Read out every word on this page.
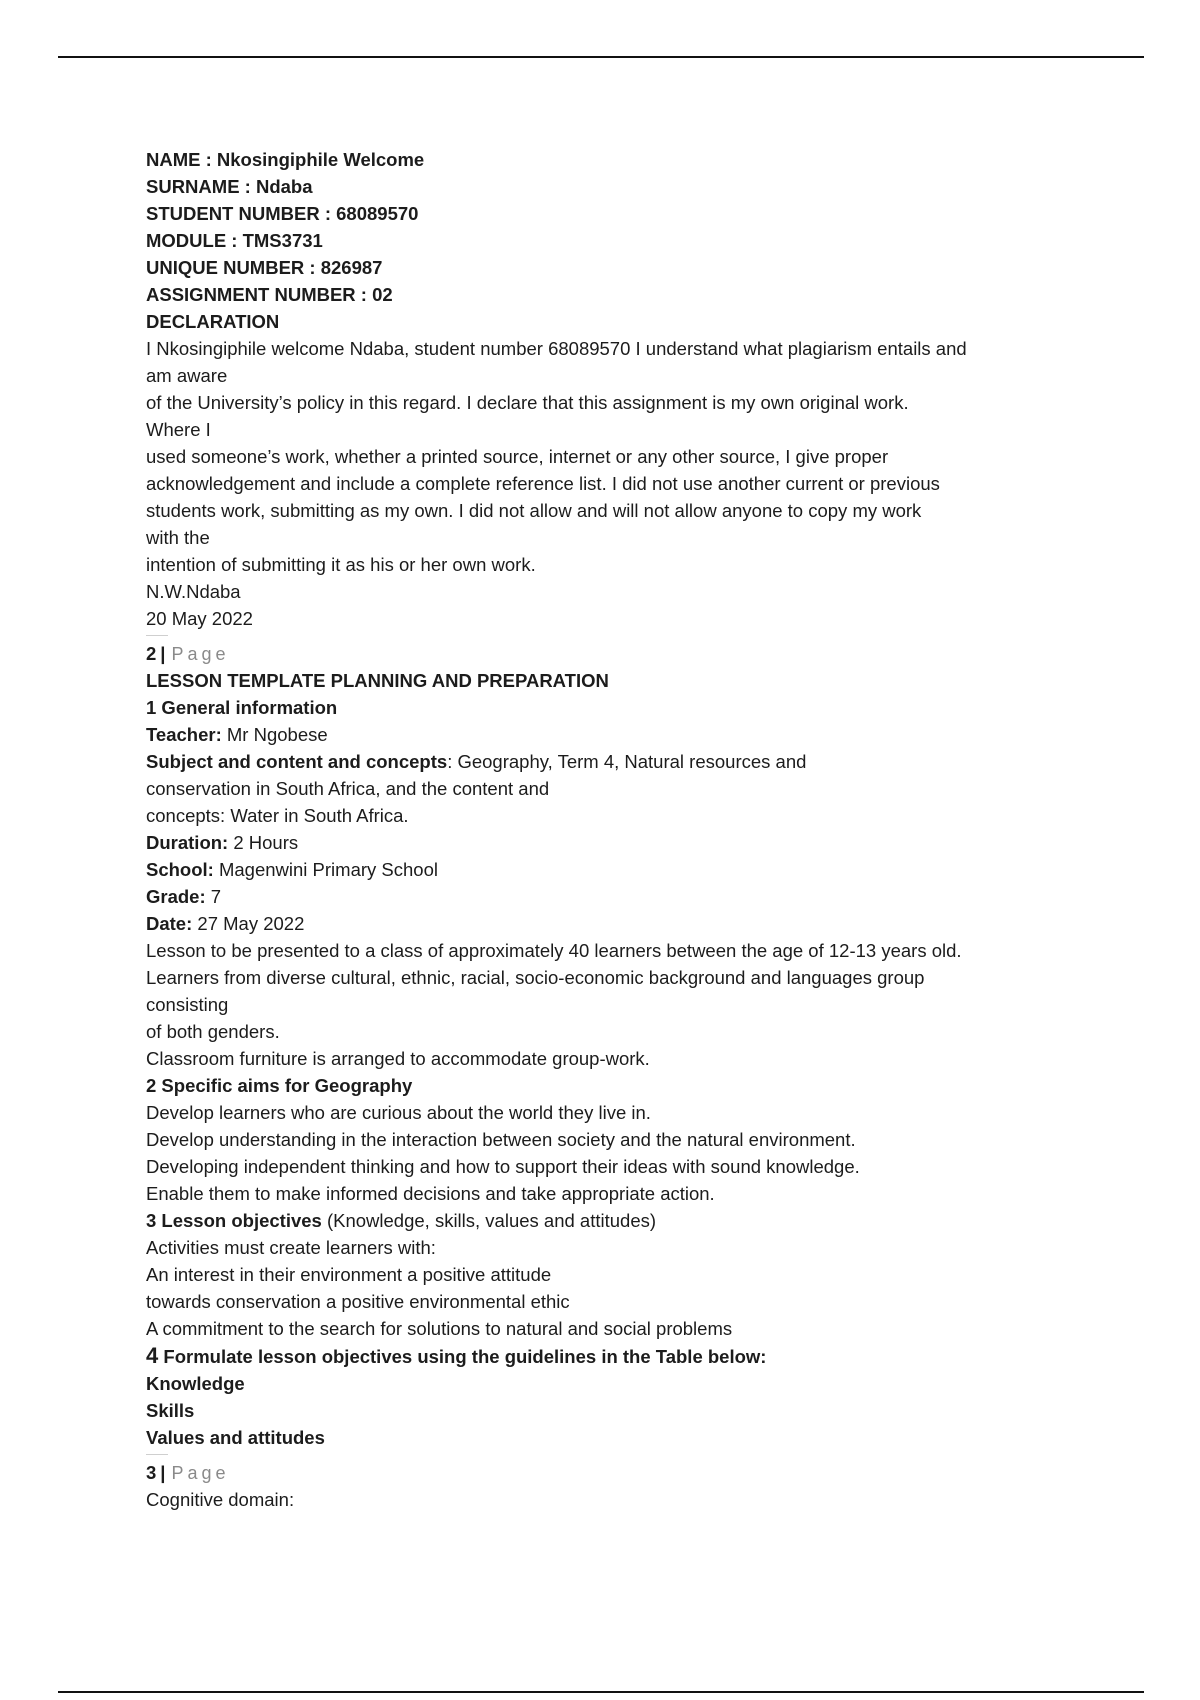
NAME : Nkosingiphile Welcome

SURNAME : Ndaba

STUDENT NUMBER : 68089570

MODULE : TMS3731

UNIQUE NUMBER : 826987

ASSIGNMENT NUMBER : 02

DECLARATION

I Nkosingiphile welcome Ndaba, student number 68089570 I understand what plagiarism entails and

am aware

of the University’s policy in this regard. I declare that this assignment is my own original work.

Where I

used someone’s work, whether a printed source, internet or any other source, I give proper

acknowledgement and include a complete reference list. I did not use another current or previous

students work, submitting as my own. I did not allow and will not allow anyone to copy my work

with the

intention of submitting it as his or her own work.

N.W.Ndaba

20 May 2022

2 | Page

LESSON TEMPLATE PLANNING AND PREPARATION

1 General information

Teacher: Mr Ngobese

Subject and content and concepts: Geography, Term 4, Natural resources and

conservation in South Africa, and the content and

concepts: Water in South Africa.

Duration: 2 Hours

School: Magenwini Primary School

Grade: 7

Date: 27 May 2022

Lesson to be presented to a class of approximately 40 learners between the age of 12-13 years old.

Learners from diverse cultural, ethnic, racial, socio-economic background and languages group

consisting

of both genders.

Classroom furniture is arranged to accommodate group-work.

2 Specific aims for Geography

Develop learners who are curious about the world they live in.

Develop understanding in the interaction between society and the natural environment.

Developing independent thinking and how to support their ideas with sound knowledge.

Enable them to make informed decisions and take appropriate action.

3 Lesson objectives (Knowledge, skills, values and attitudes)

Activities must create learners with:

An interest in their environment a positive attitude

towards conservation a positive environmental ethic

A commitment to the search for solutions to natural and social problems

4 Formulate lesson objectives using the guidelines in the Table below:

Knowledge

Skills

Values and attitudes

3 | Page

Cognitive domain:
